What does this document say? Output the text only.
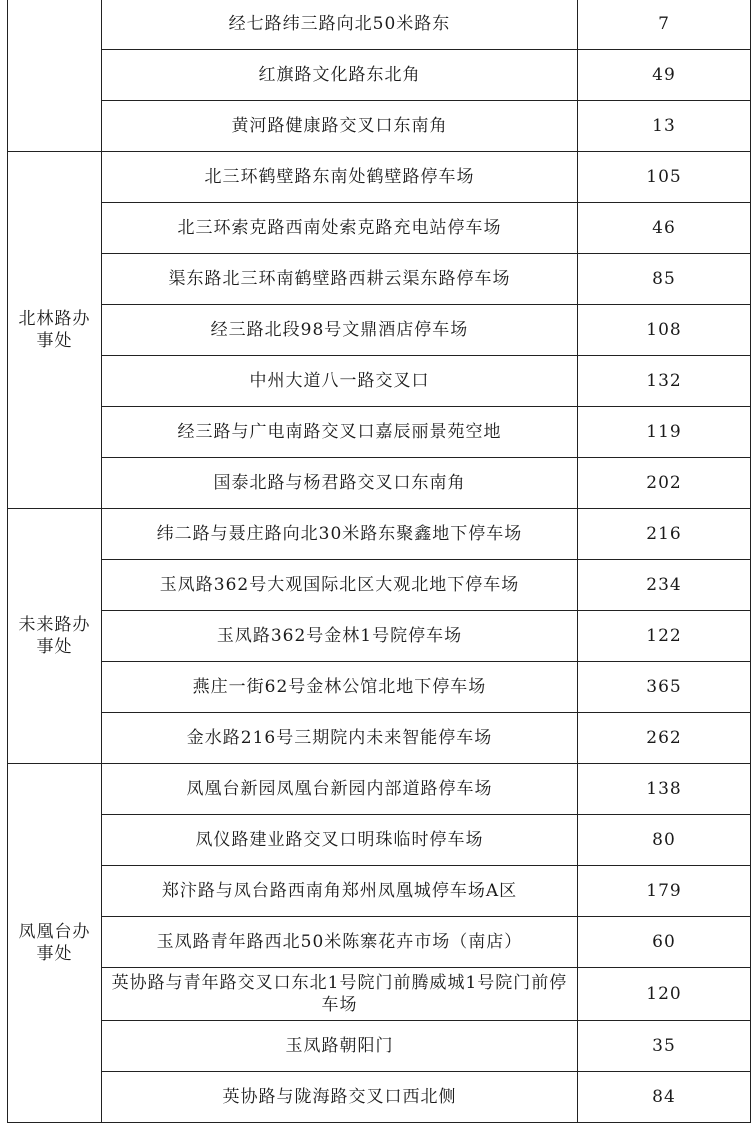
	经七路纬三路向北50米路东	7
	红旗路文化路东北角	49
	黄河路健康路交叉口东南角	13
北林路办事处	北三环鹤壁路东南处鹤壁路停车场	105
	北三环索克路西南处索克路充电站停车场	46
	渠东路北三环南鹤壁路西耕云渠东路停车场	85
	经三路北段98号文鼎酒店停车场	108
	中州大道八一路交叉口	132
	经三路与广电南路交叉口嘉辰丽景苑空地	119
	国泰北路与杨君路交叉口东南角	202
未来路办事处	纬二路与聂庄路向北30米路东聚鑫地下停车场	216
	玉凤路362号大观国际北区大观北地下停车场	234
	玉凤路362号金林1号院停车场	122
	燕庄一街62号金林公馆北地下停车场	365
	金水路216号三期院内未来智能停车场	262
凤凰台办事处	凤凰台新园凤凰台新园内部道路停车场	138
	凤仪路建业路交叉口明珠临时停车场	80
	郑汴路与凤台路西南角郑州凤凰城停车场A区	179
	玉凤路青年路西北50米陈寨花卉市场（南店）	60
	英协路与青年路交叉口东北1号院门前腾威城1号院门前停车场	120
	玉凤路朝阳门	35
	英协路与陇海路交叉口西北侧	84
